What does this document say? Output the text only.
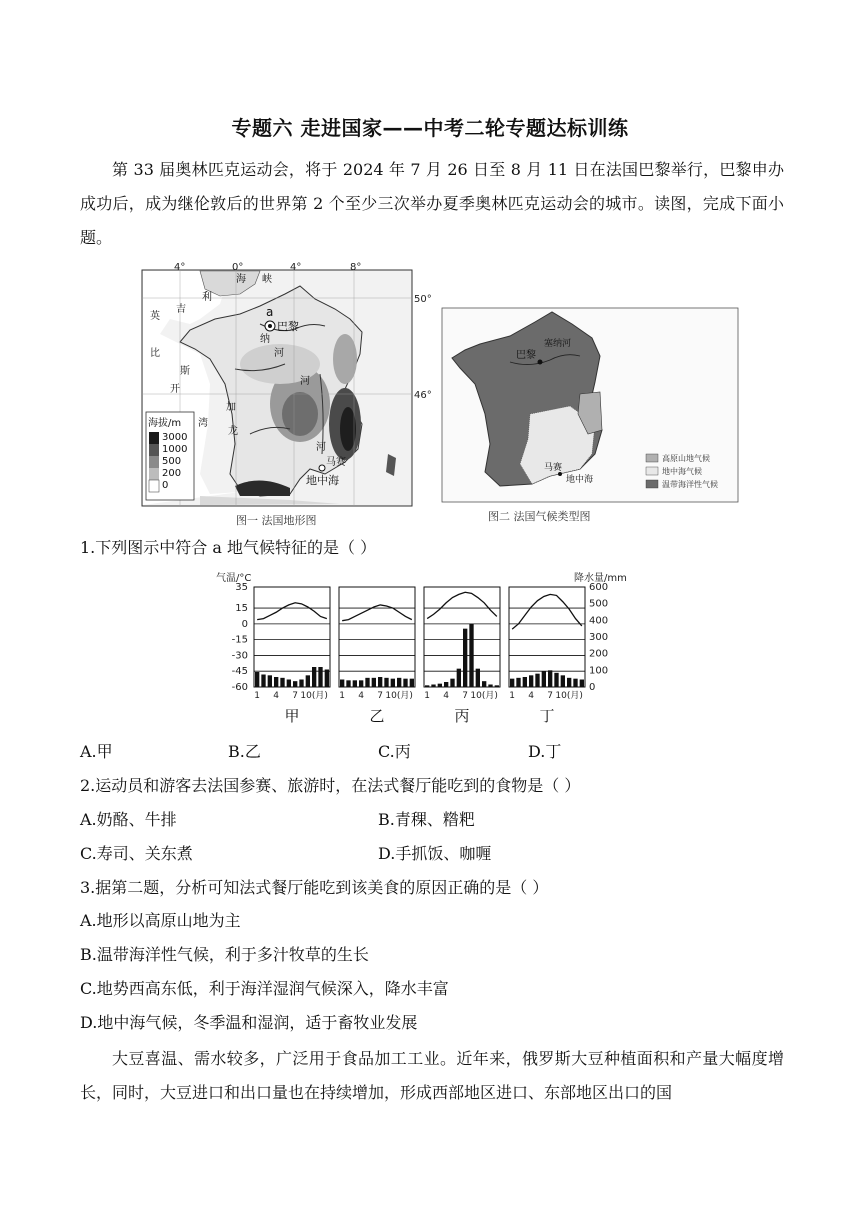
专题六 走进国家——中考二轮专题达标训练
第 33 届奥林匹克运动会，将于 2024 年 7 月 26 日至 8 月 11 日在法国巴黎举行，巴黎申办成功后，成为继伦敦后的世界第 2 个至少三次举办夏季奥林匹克运动会的城市。读图，完成下面小题。
4°	0°	4°	8°
50°
46°
a
巴黎
马赛
地中海
海 峡
利
英
吉
比
斯
开
湾
加
龙
纳
河
河
河
海拔/m
3000
1000
500
200
0
图一 法国地形图
巴黎
塞纳河
马赛
地中海
高原山地气候
地中海气候
温带海洋性气候
图二 法国气候类型图
1.下列图示中符合 a 地气候特征的是（ ）
气温/°C	降水量/mm
35
15
0
-15
-30
-45
-60
600
500
400
300
200
100
0
1 4 7 10(月)
甲
1 4 7 10(月)
乙
1 4 7 10(月)
丙
1 4 7 10(月)
丁
A.甲	B.乙	C.丙	D.丁
2.运动员和游客去法国参赛、旅游时，在法式餐厅能吃到的食物是（ ）
A.奶酪、牛排	B.青稞、糌粑
C.寿司、关东煮	D.手抓饭、咖喱
3.据第二题，分析可知法式餐厅能吃到该美食的原因正确的是（ ）
A.地形以高原山地为主
B.温带海洋性气候，利于多汁牧草的生长
C.地势西高东低，利于海洋湿润气候深入，降水丰富
D.地中海气候，冬季温和湿润，适于畜牧业发展
大豆喜温、需水较多，广泛用于食品加工工业。近年来，俄罗斯大豆种植面积和产量大幅度增长，同时，大豆进口和出口量也在持续增加，形成西部地区进口、东部地区出口的国
